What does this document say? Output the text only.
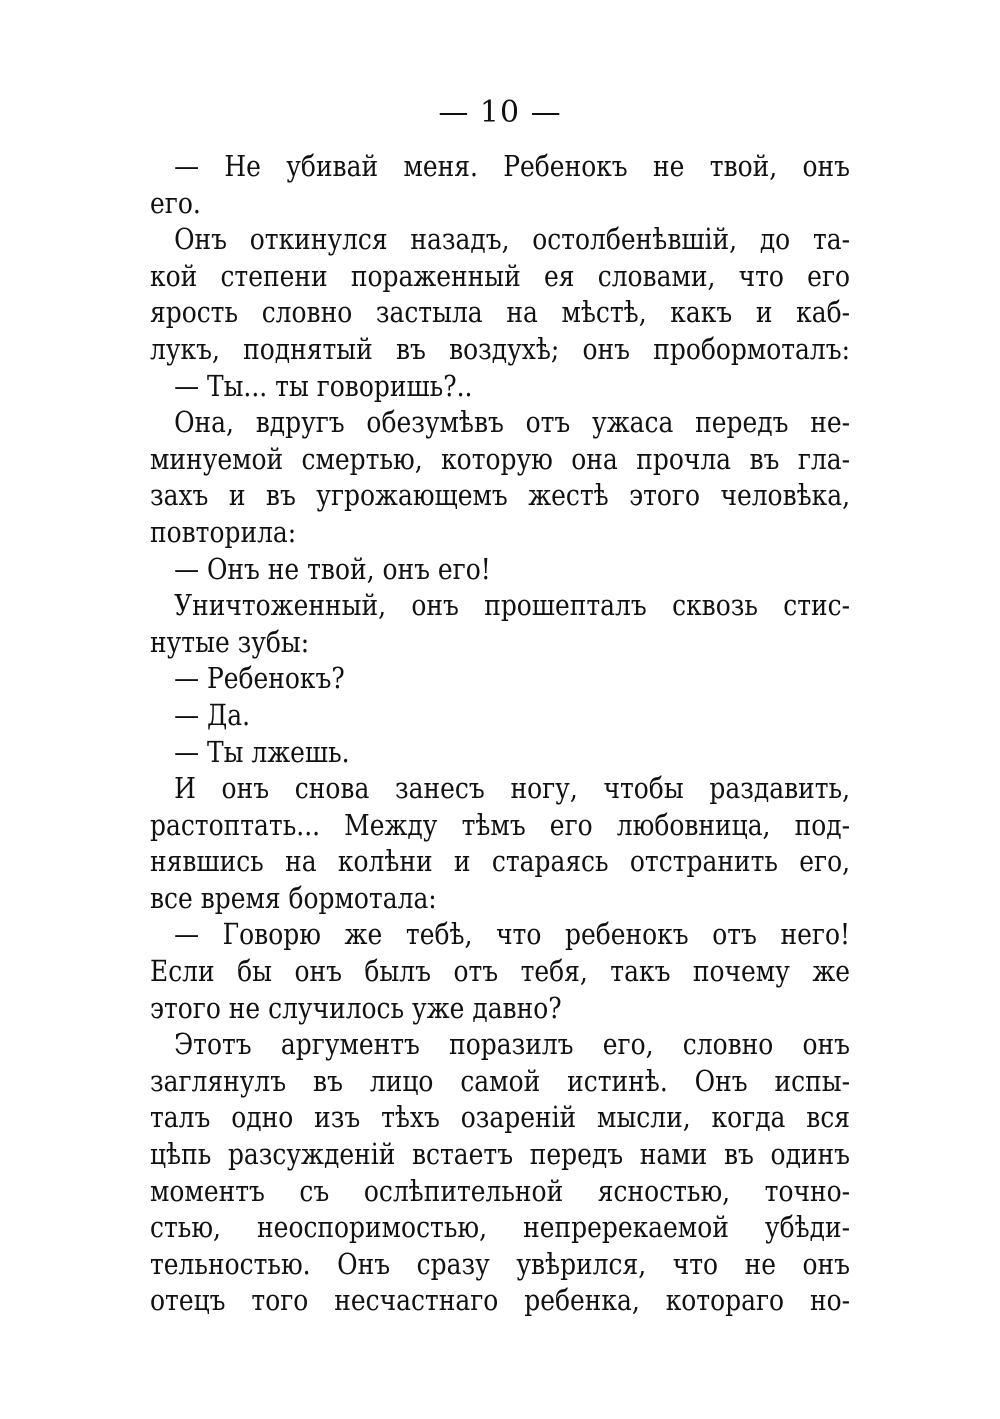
— 10 —
— Не убивай меня. Ребенокъ не твой, онъ
его.
Онъ откинулся назадъ, остолбенѣвшiй, до та-
кой степени пораженный ея словами, что его
ярость словно застыла на мѣстѣ, какъ и каб-
лукъ, поднятый въ воздухѣ; онъ пробормоталъ:
— Ты... ты говоришь?..
Она, вдругъ обезумѣвъ отъ ужаса передъ не-
минуемой смертью, которую она прочла въ гла-
захъ и въ угрожающемъ жестѣ этого человѣка,
повторила:
— Онъ не твой, онъ его!
Уничтоженный, онъ прошепталъ сквозь стис-
нутые зубы:
— Ребенокъ?
— Да.
— Ты лжешь.
И онъ снова занесъ ногу, чтобы раздавить,
растоптать... Между тѣмъ его любовница, под-
нявшись на колѣни и стараясь отстранить его,
все время бормотала:
— Говорю же тебѣ, что ребенокъ отъ него!
Если бы онъ былъ отъ тебя, такъ почему же
этого не случилось уже давно?
Этотъ аргументъ поразилъ его, словно онъ
заглянулъ въ лицо самой истинѣ. Онъ испы-
талъ одно изъ тѣхъ озаренiй мысли, когда вся
цѣпь разсужденiй встаетъ передъ нами въ одинъ
моментъ съ ослѣпительной ясностью, точно-
стью, неоспоримостью, непререкаемой убѣди-
тельностью. Онъ сразу увѣрился, что не онъ
отецъ того несчастнаго ребенка, котораго но-
